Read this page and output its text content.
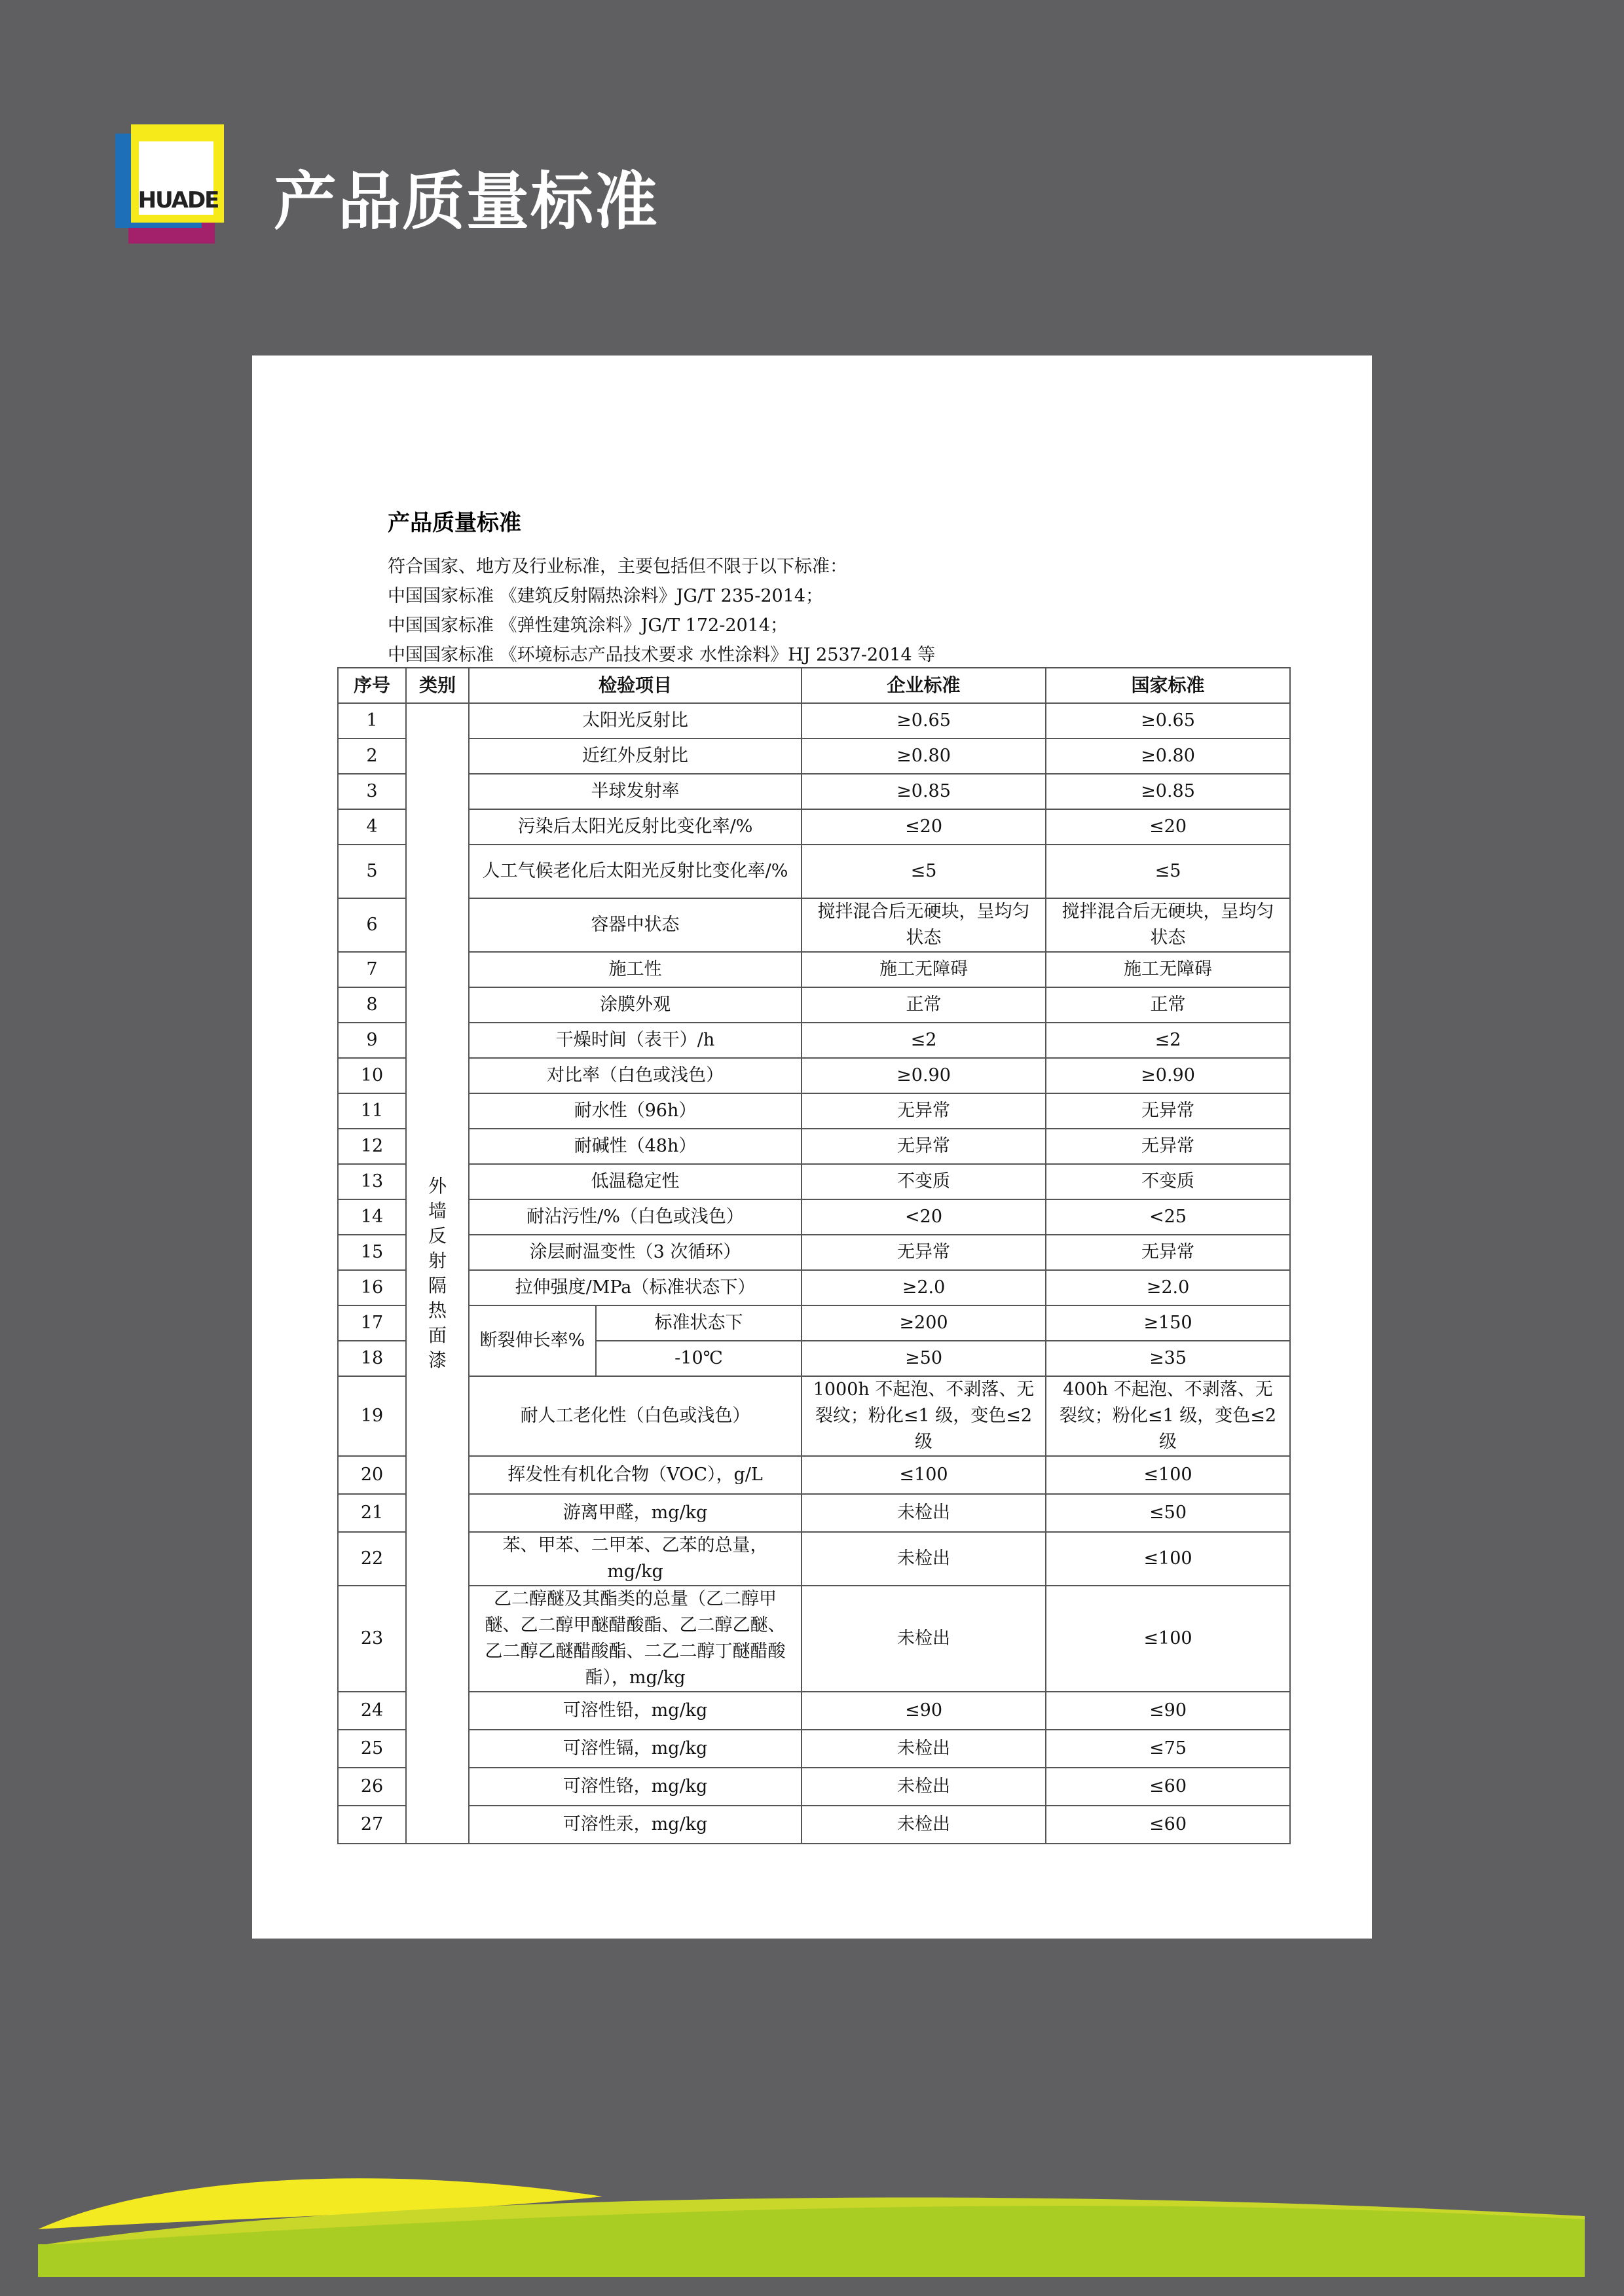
HUADE 产品质量标准
产品质量标准
符合国家、地方及行业标准，主要包括但不限于以下标准：
中国国家标准 《建筑反射隔热涂料》JG/T 235-2014；
中国国家标准 《弹性建筑涂料》JG/T 172-2014；
中国国家标准 《环境标志产品技术要求 水性涂料》HJ 2537-2014 等
序号	类别	检验项目		企业标准	国家标准
1	外墙反射隔热面漆	太阳光反射比		≥0.65	≥0.65
2		近红外反射比		≥0.80	≥0.80
3		半球发射率		≥0.85	≥0.85
4		污染后太阳光反射比变化率/%		≤20	≤20
5		人工气候老化后太阳光反射比变化率/%		≤5	≤5
6		容器中状态		搅拌混合后无硬块，呈均匀状态	搅拌混合后无硬块，呈均匀状态
7		施工性		施工无障碍	施工无障碍
8		涂膜外观		正常	正常
9		干燥时间（表干）/h		≤2	≤2
10		对比率（白色或浅色）		≥0.90	≥0.90
11		耐水性（96h）		无异常	无异常
12		耐碱性（48h）		无异常	无异常
13		低温稳定性		不变质	不变质
14		耐沾污性/%（白色或浅色）		<20	<25
15		涂层耐温变性（3 次循环）		无异常	无异常
16		拉伸强度/MPa（标准状态下）		≥2.0	≥2.0
17		断裂伸长率%	标准状态下	≥200	≥150
18			-10℃	≥50	≥35
19		耐人工老化性（白色或浅色）		1000h 不起泡、不剥落、无裂纹；粉化≤1 级，变色≤2 级	400h 不起泡、不剥落、无裂纹；粉化≤1 级，变色≤2 级
20		挥发性有机化合物（VOC），g/L		≤100	≤100
21		游离甲醛，mg/kg		未检出	≤50
22		苯、甲苯、二甲苯、乙苯的总量，mg/kg		未检出	≤100
23		乙二醇醚及其酯类的总量（乙二醇甲醚、乙二醇甲醚醋酸酯、乙二醇乙醚、乙二醇乙醚醋酸酯、二乙二醇丁醚醋酸酯），mg/kg		未检出	≤100
24		可溶性铅，mg/kg		≤90	≤90
25		可溶性镉，mg/kg		未检出	≤75
26		可溶性铬，mg/kg		未检出	≤60
27		可溶性汞，mg/kg		未检出	≤60
